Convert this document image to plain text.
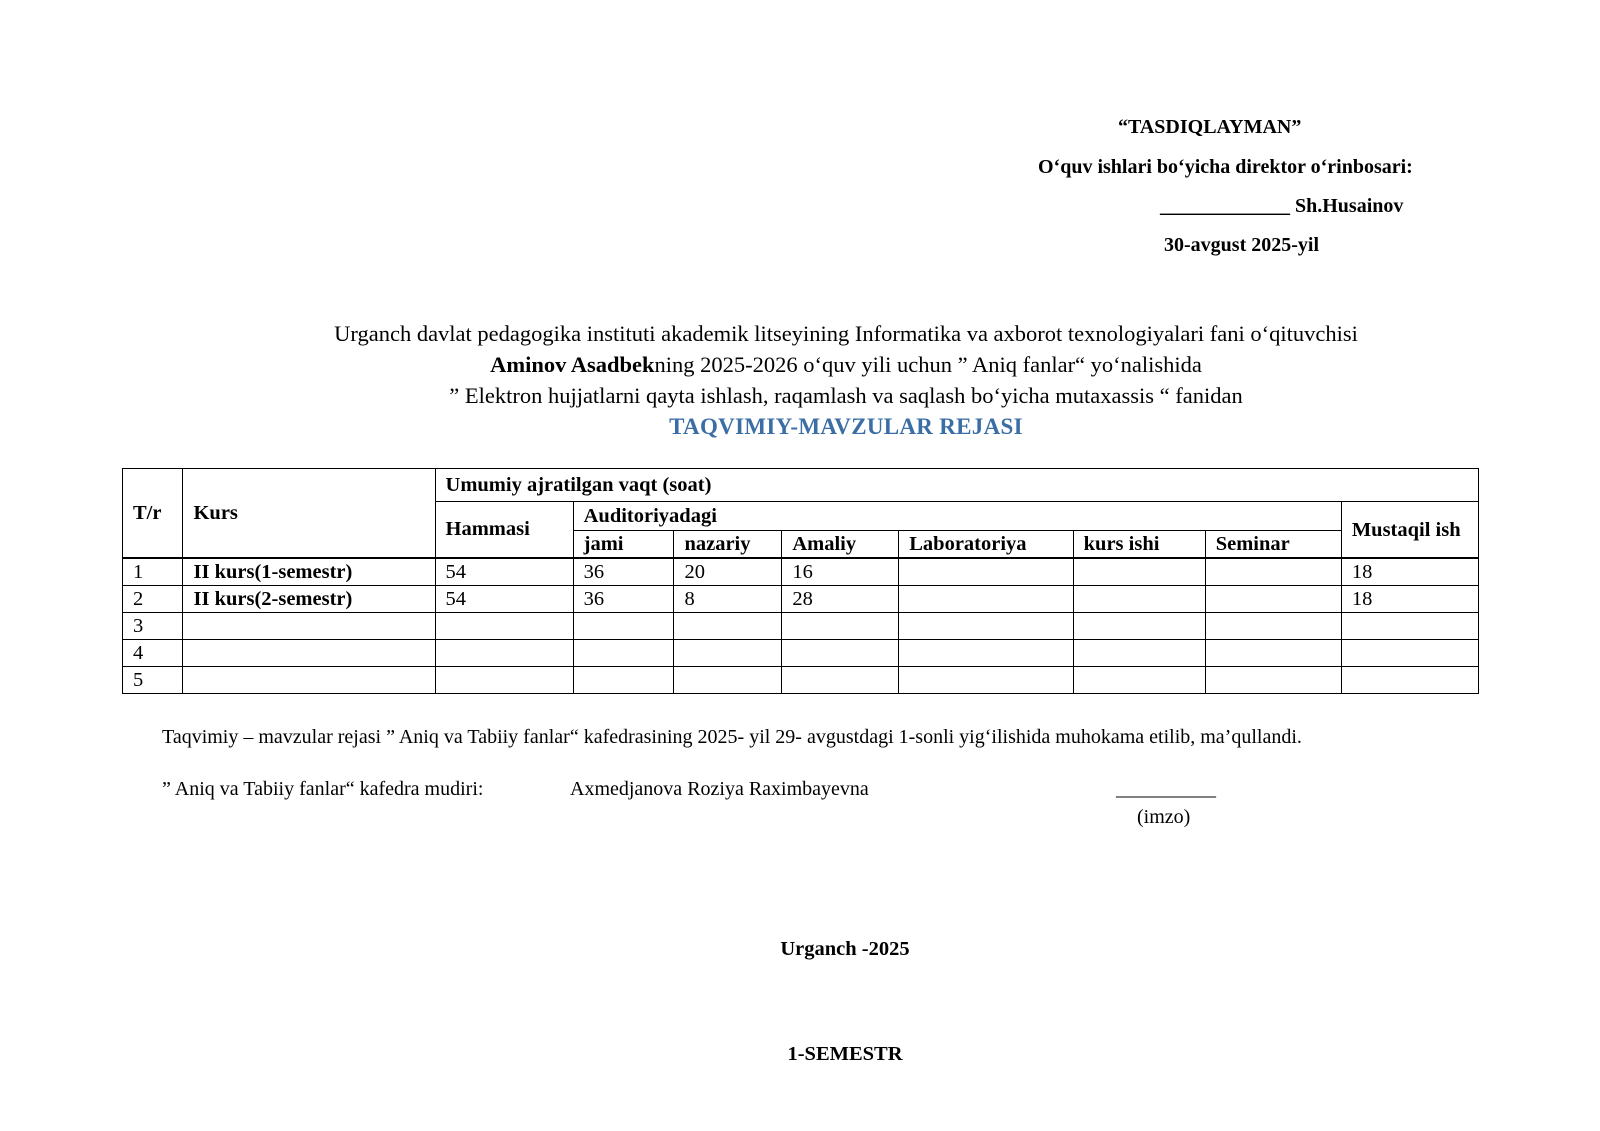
“TASDIQLAYMAN”
O‘quv ishlari bo‘yicha direktor o‘rinbosari:
_____________ Sh.Husainov
30-avgust 2025-yil
Urganch davlat pedagogika instituti akademik litseyining Informatika va axborot texnologiyalari fani o‘qituvchisi
Aminov Asadbekning 2025-2026 o‘quv yili uchun ” Aniq fanlar“ yo‘nalishida
” Elektron hujjatlarni qayta ishlash, raqamlash va saqlash bo‘yicha mutaxassis “ fanidan
TAQVIMIY-MAVZULAR REJASI
T/r	Kurs	Umumiy ajratilgan vaqt (soat)							
		Hammasi	Auditoriyadagi						Mustaqil ish
			jami	nazariy	Amaliy	Laboratoriya	kurs ishi	Seminar	
1	II kurs(1-semestr)	54	36	20	16				18
2	II kurs(2-semestr)	54	36	8	28				18
3									
4									
5									
Taqvimiy – mavzular rejasi ” Aniq va Tabiiy fanlar“ kafedrasining 2025- yil 29- avgustdagi 1-sonli yig‘ilishida muhokama etilib, ma’qullandi.
” Aniq va Tabiiy fanlar“ kafedra mudiri:	Axmedjanova Roziya Raximbayevna	__________
(imzo)
Urganch -2025
1-SEMESTR
